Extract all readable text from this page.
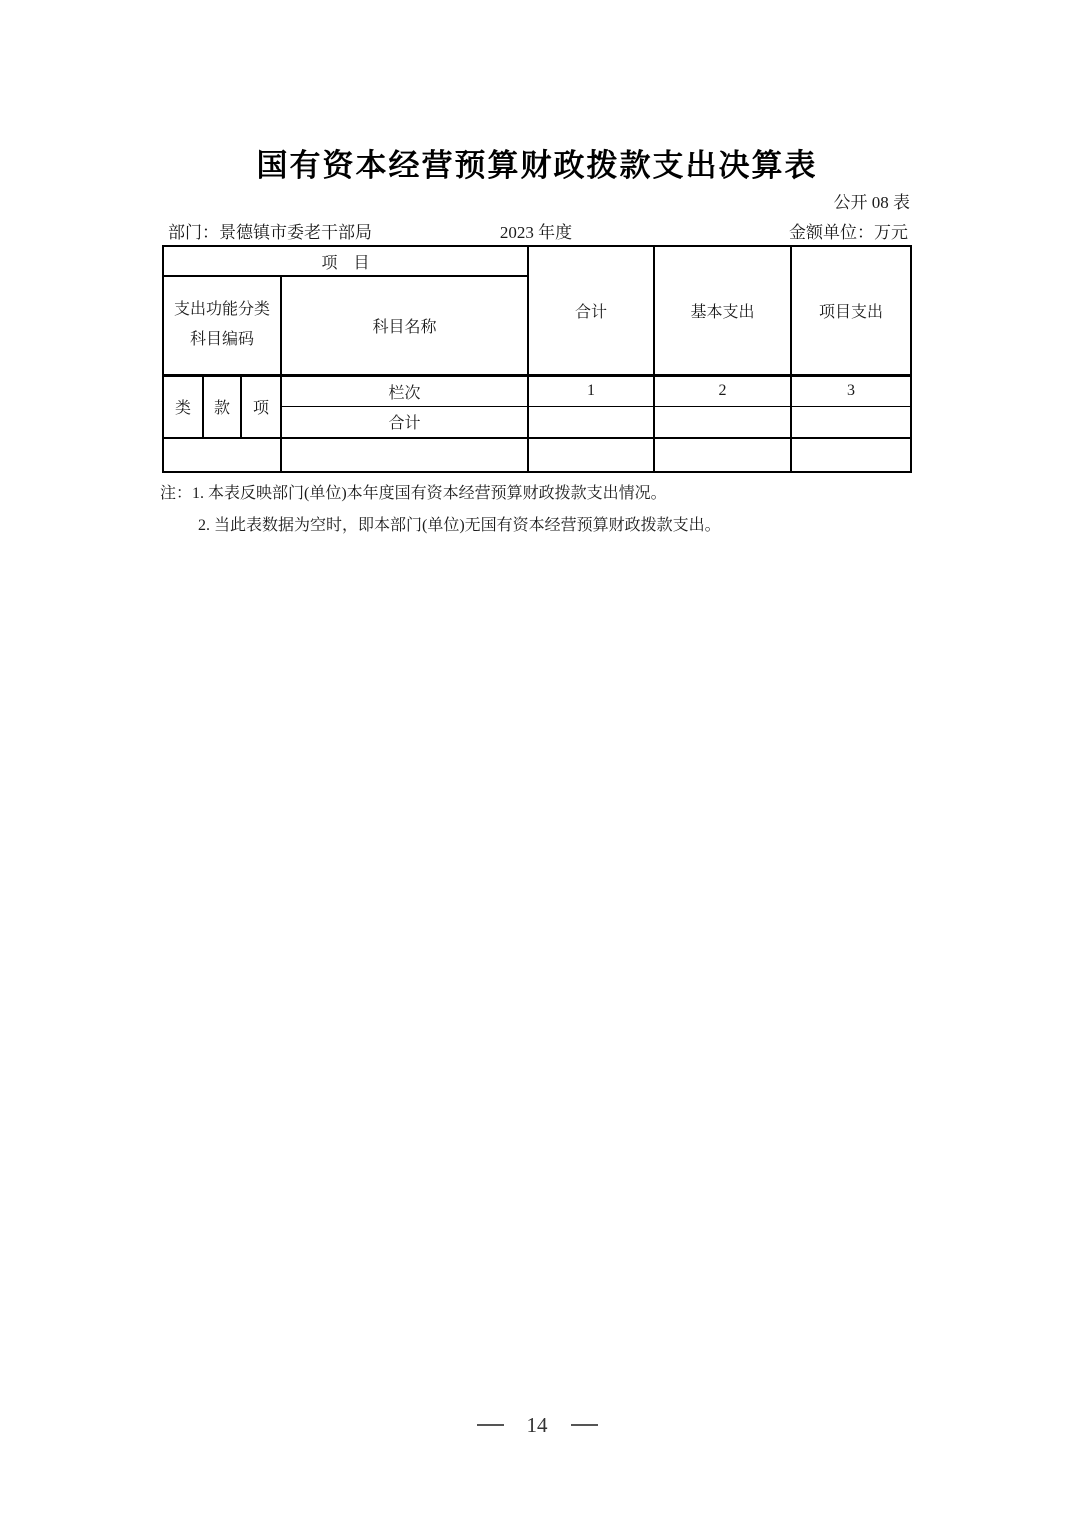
国有资本经营预算财政拨款支出决算表
公开 08 表
部门：景德镇市委老干部局	2023 年度	金额单位：万元
项　目				合计	基本支出	项目支出

支出功能分类
科目编码			科目名称			
类	款	项	栏次	1	2	3
			合计			

注：1. 本表反映部门(单位)本年度国有资本经营预算财政拨款支出情况。
2. 当此表数据为空时，即本部门(单位)无国有资本经营预算财政拨款支出。
14
